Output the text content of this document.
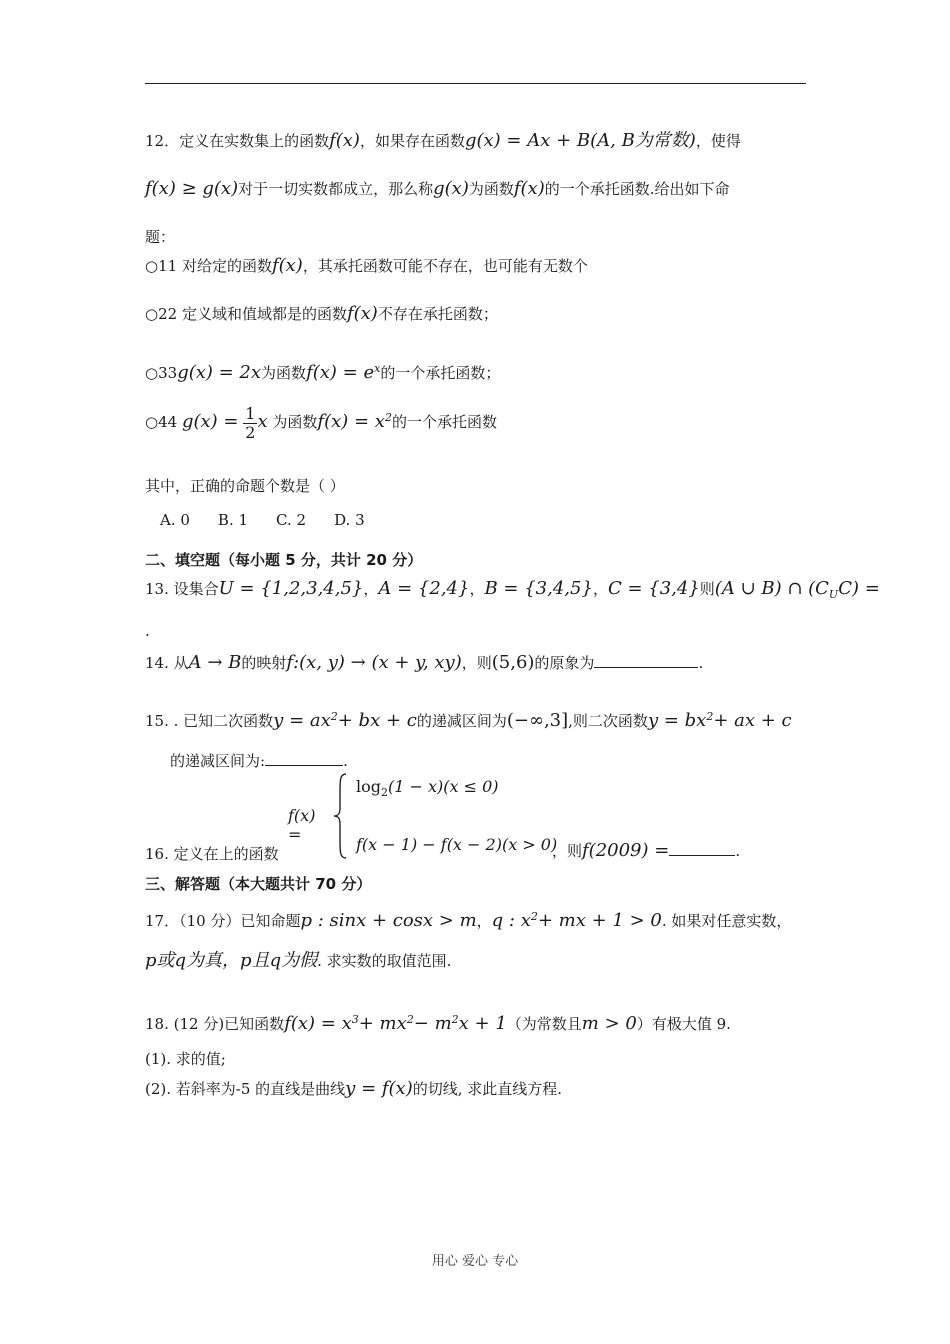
12．定义在实数集上的函数f(x)，如果存在函数g(x) = Ax + B(A, B为常数)，使得
f(x) ≥ g(x)对于一切实数都成立，那么称g(x)为函数f(x)的一个承托函数.给出如下命
题：
○11 对给定的函数f(x)，其承托函数可能不存在，也可能有无数个
○22 定义域和值域都是的函数f(x)不存在承托函数；
○33g(x) = 2x为函数$f(x) = e^x$的一个承托函数；
○44 $g(x) = \frac{1}{2}$ x 为函数$f(x) = x^2$的一个承托函数
其中，正确的命题个数是（ ）
A. 0 B. 1 C. 2 D. 3
二、填空题（每小题 5 分，共计 20 分）
13. 设集合U = {1,2,3,4,5}，A = {2,4}，B = {3,4,5}，C = {3,4}则(A ∪ B) ∩ $(C_UC)$ =
.
14. 从A → B的映射f:(x, y) → (x + y, xy)，则(5,6)的原象为	.
15. . 已知二次函数$y = ax^2+$ bx + c的递减区间为(−∞,3],则二次函数$y = bx^2+$ ax + c
的递减区间为:	.
f(x) =
$\log_2(1 - x)(x \le 0)$
f(x − 1) − f(x − 2)(x > 0)
16. 定义在上的函数	，则f(2009) =	.
三、解答题（本大题共计 70 分）
17．（10 分）已知命题p : sinx + cosx > m，q : $x^2+$ mx + 1 > 0. 如果对任意实数，
p或q为真，p且q为假. 求实数的取值范围.
18. (12 分)已知函数$f(x) = x^3+ mx^2- m^2x + 1$（为常数且m > 0）有极大值 9.
(1). 求的值;
(2). 若斜率为-5 的直线是曲线y = f(x)的切线, 求此直线方程.
用心 爱心 专心
